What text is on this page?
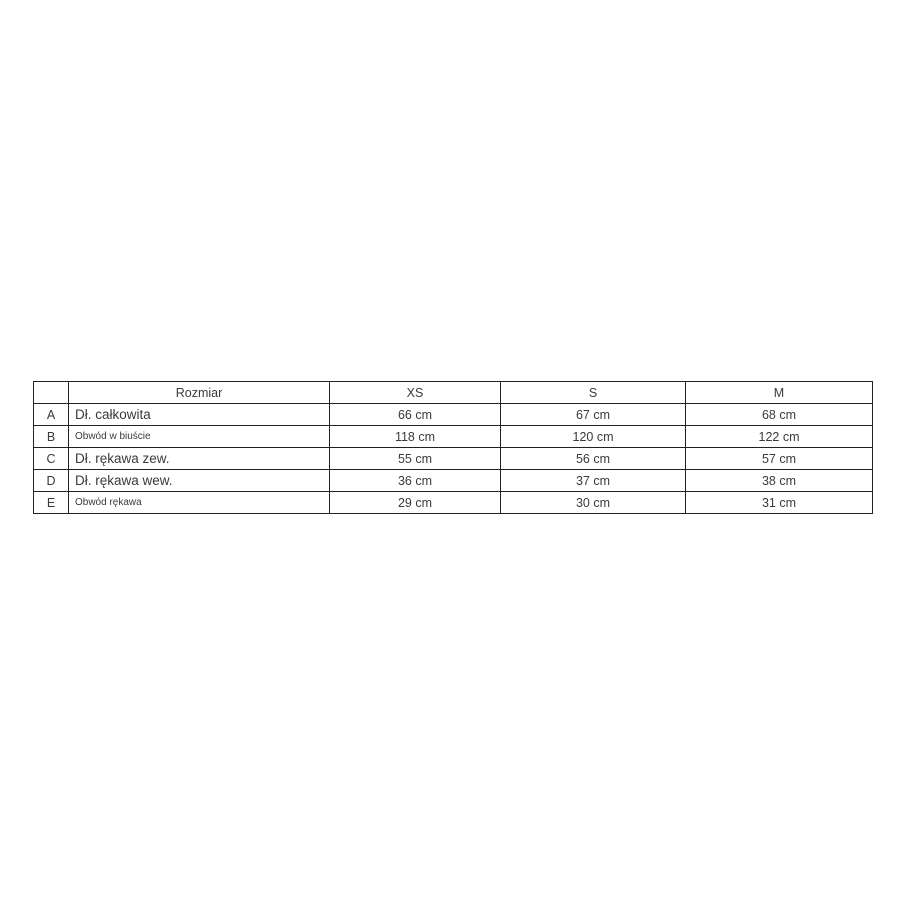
	Rozmiar	XS	S	M
A	Dł. całkowita	66 cm	67 cm	68 cm
B	Obwód w biuście	118 cm	120 cm	122 cm
C	Dł. rękawa zew.	55 cm	56 cm	57 cm
D	Dł. rękawa wew.	36 cm	37 cm	38 cm
E	Obwód rękawa	29 cm	30 cm	31 cm
